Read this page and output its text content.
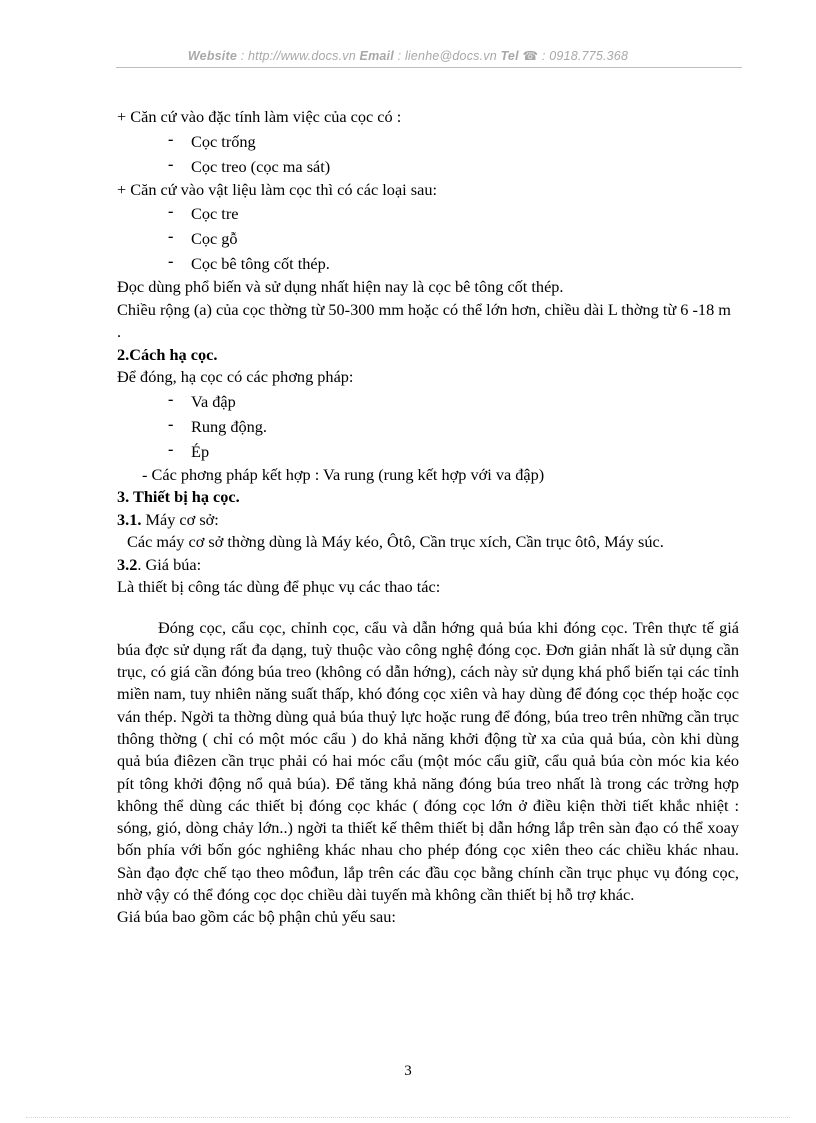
Website : http://www.docs.vn Email : lienhe@docs.vn Tel ☎ : 0918.775.368

+ Căn cứ vào đặc tính làm việc của cọc có :

- Cọc trống
- Cọc treo (cọc ma sát)

+ Căn cứ vào vật liệu làm cọc thì có các loại sau:

- Cọc tre
- Cọc gỗ
- Cọc bê tông cốt thép.

Đọc dùng phổ biến và sử dụng nhất hiện nay là cọc bê tông cốt thép.

Chiều rộng (a) của cọc thờng từ 50-300 mm hoặc có thể lớn hơn, chiều dài L thờng từ 6 -18 m .

2.Cách hạ cọc.

Để đóng, hạ cọc có các phơng pháp:

- Va đập
- Rung động.
- Ép

- Các phơng pháp kết hợp : Va rung (rung kết hợp với va đập)

3. Thiết bị hạ cọc.

3.1. Máy cơ sở:

Các máy cơ sở thờng dùng là Máy kéo, Ôtô, Cần trục xích, Cần trục ôtô, Máy súc.

3.2. Giá búa:

Là thiết bị công tác dùng để phục vụ các thao tác:

Đóng cọc, cẩu cọc, chỉnh cọc, cẩu và dẫn hớng quả búa khi đóng cọc. Trên thực tế giá búa đợc sử dụng rất đa dạng, tuỳ thuộc vào công nghệ đóng cọc. Đơn giản nhất là sử dụng cần trục, có giá cần đóng búa treo (không có dẫn hớng), cách này sử dụng khá phổ biến tại các tỉnh miền nam, tuy nhiên năng suất thấp, khó đóng cọc xiên và hay dùng để đóng cọc thép hoặc cọc ván thép. Ngời ta thờng dùng quả búa thuỷ lực hoặc rung để đóng, búa treo trên những cần trục thông thờng ( chỉ có một móc cẩu ) do khả năng khởi động từ xa của quả búa, còn khi dùng quả búa điêzen cần trục phải có hai móc cẩu (một móc cẩu giữ, cẩu quả búa còn móc kia kéo pít tông khởi động nổ quả búa). Để tăng khả năng đóng búa treo nhất là trong các trờng hợp không thể dùng các thiết bị đóng cọc khác ( đóng cọc lớn ở điều kiện thời tiết khắc nhiệt : sóng, gió, dòng chảy lớn..) ngời ta thiết kế thêm thiết bị dẫn hớng lắp trên sàn đạo có thể xoay bốn phía với bốn góc nghiêng khác nhau cho phép đóng cọc xiên theo các chiều khác nhau. Sàn đạo đợc chế tạo theo môđun, lắp trên các đầu cọc bằng chính cần trục phục vụ đóng cọc, nhờ vậy có thể đóng cọc dọc chiều dài tuyến mà không cần thiết bị hỗ trợ khác.

Giá búa bao gồm các bộ phận chủ yếu sau:

3
